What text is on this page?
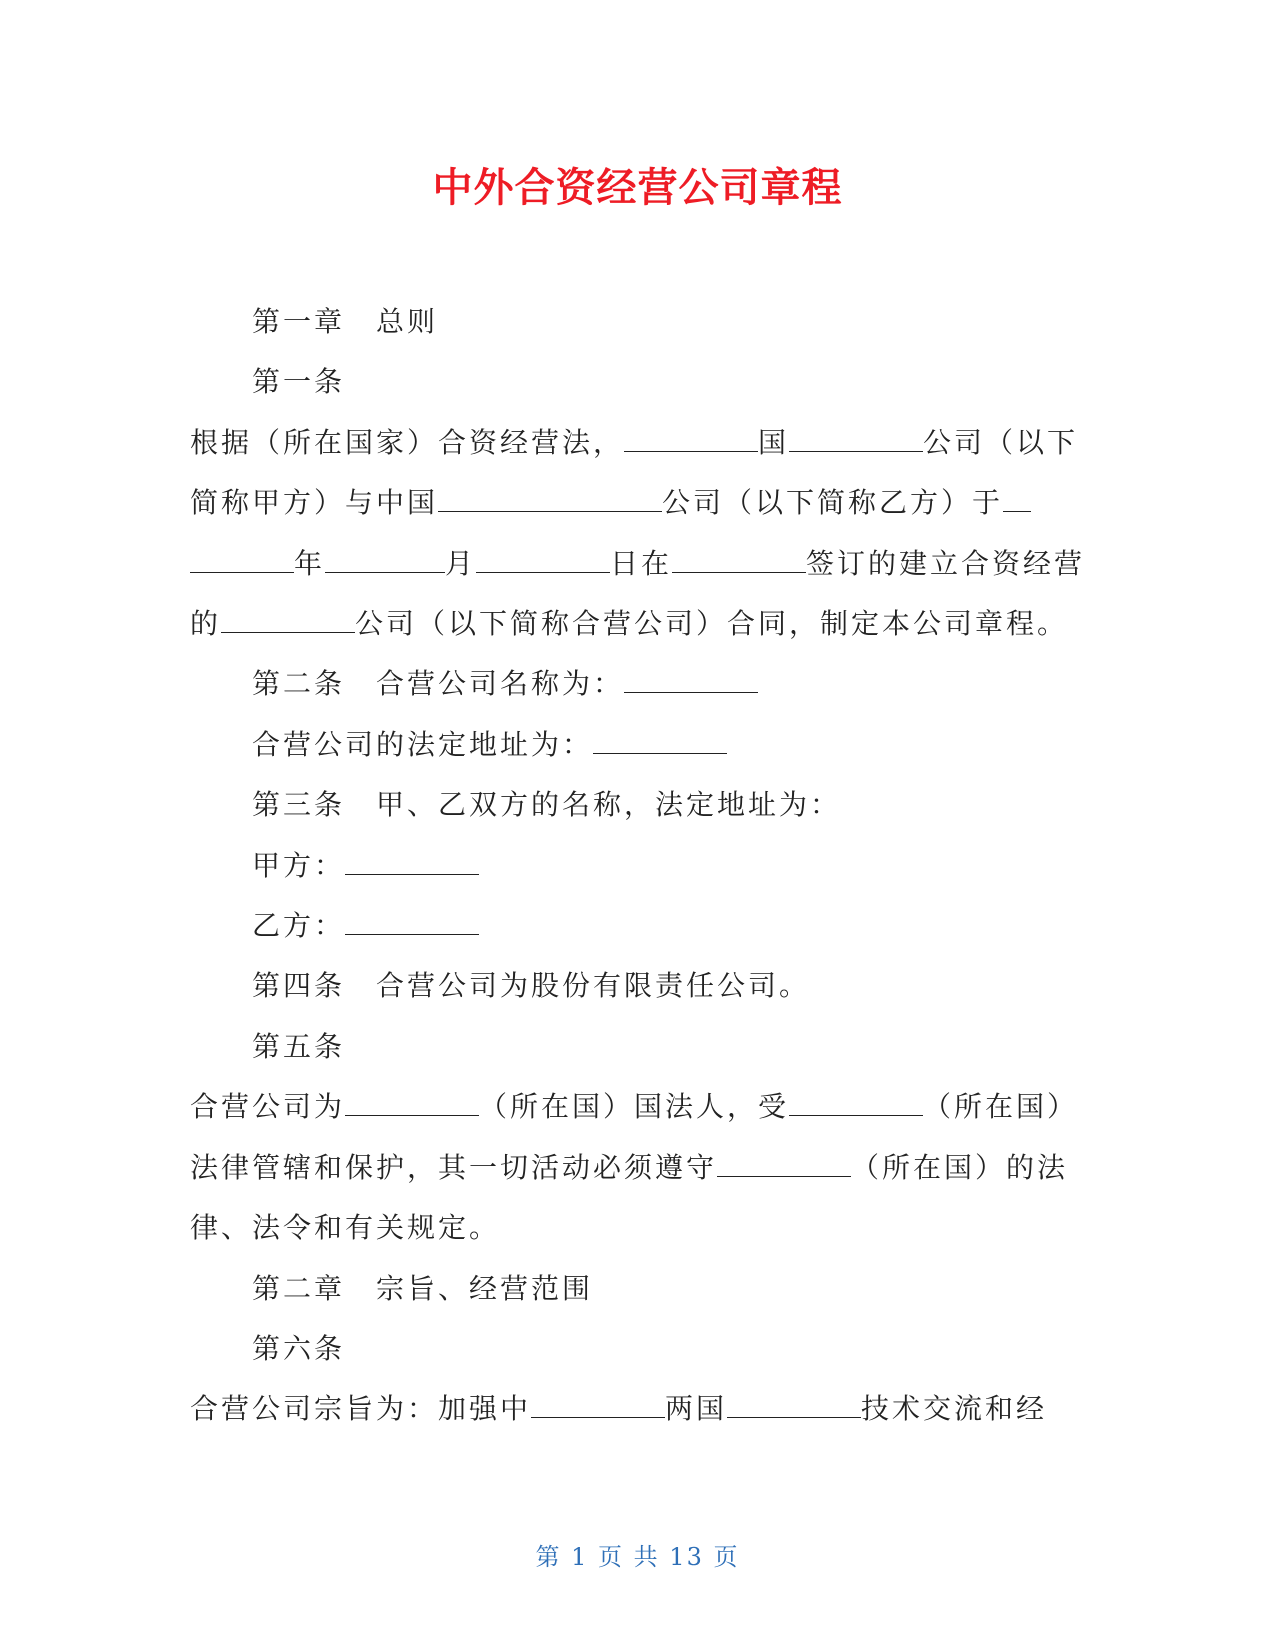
中外合资经营公司章程

第一章　总则

第一条

根据（所在国家）合资经营法，	国	公司（以下简称甲方）与中国	公司（以下简称乙方）于年	月	日在	签订的建立合资经营的	公司（以下简称合营公司）合同，制定本公司章程。

第二条　合营公司名称为：

合营公司的法定地址为：

第三条　甲、乙双方的名称，法定地址为：

甲方：

乙方：

第四条　合营公司为股份有限责任公司。

第五条

合营公司为	（所在国）国法人，受	（所在国）法律管辖和保护，其一切活动必须遵守	（所在国）的法律、法令和有关规定。

第二章　宗旨、经营范围

第六条

合营公司宗旨为：加强中	两国	技术交流和经

第 1 页 共 13 页
